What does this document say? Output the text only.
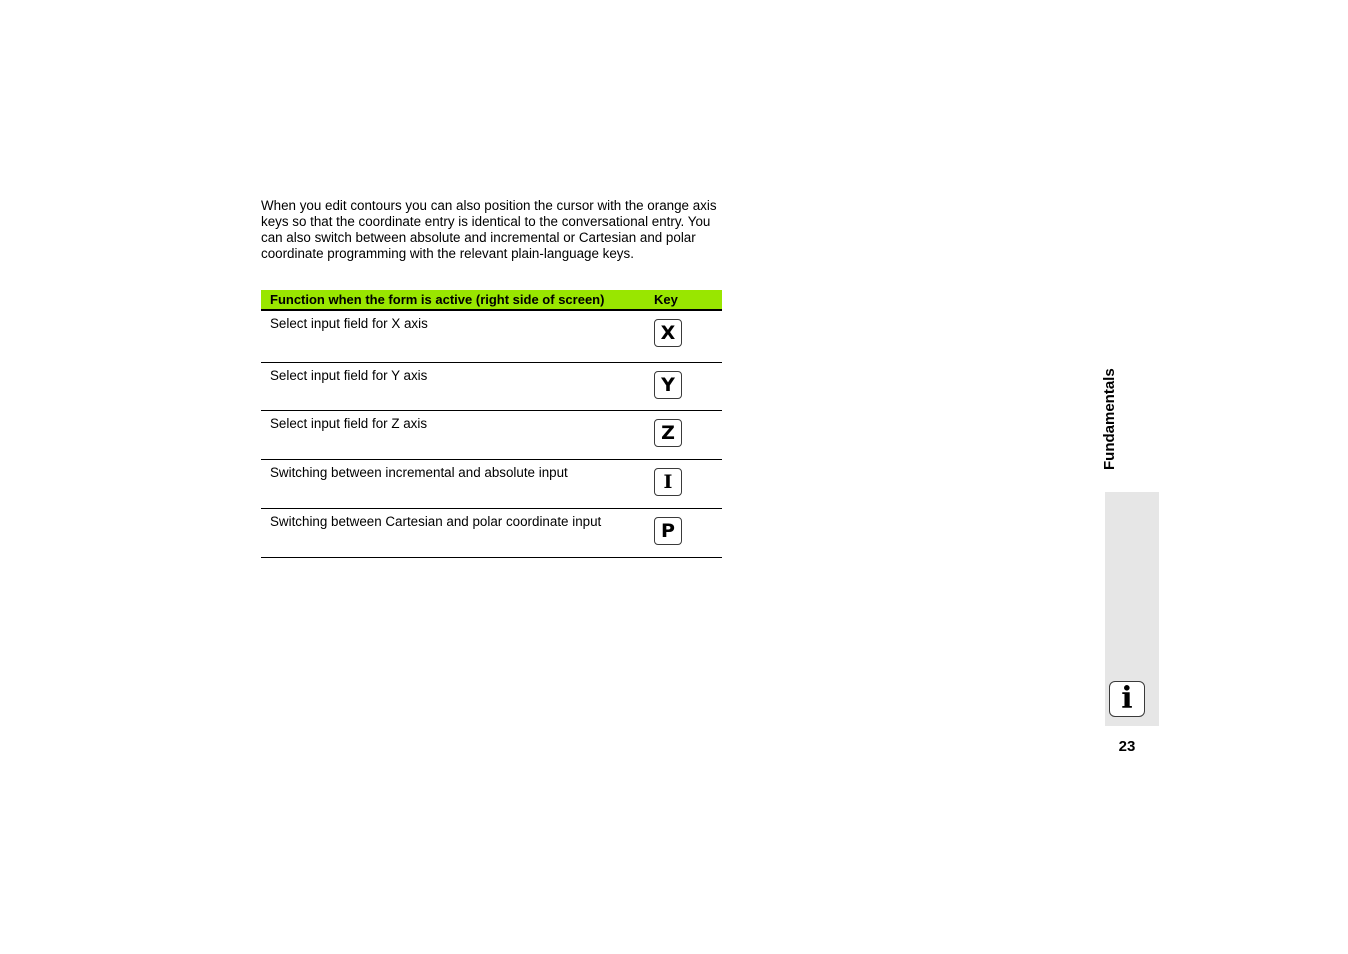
When you edit contours you can also position the cursor with the orange axis keys so that the coordinate entry is identical to the conversational entry. You can also switch between absolute and incremental or Cartesian and polar coordinate programming with the relevant plain-language keys.

Function when the form is active (right side of screen)	Key
Select input field for X axis	X
Select input field for Y axis	Y
Select input field for Z axis	Z
Switching between incremental and absolute input	I
Switching between Cartesian and polar coordinate input	P
Fundamentals
i
23
